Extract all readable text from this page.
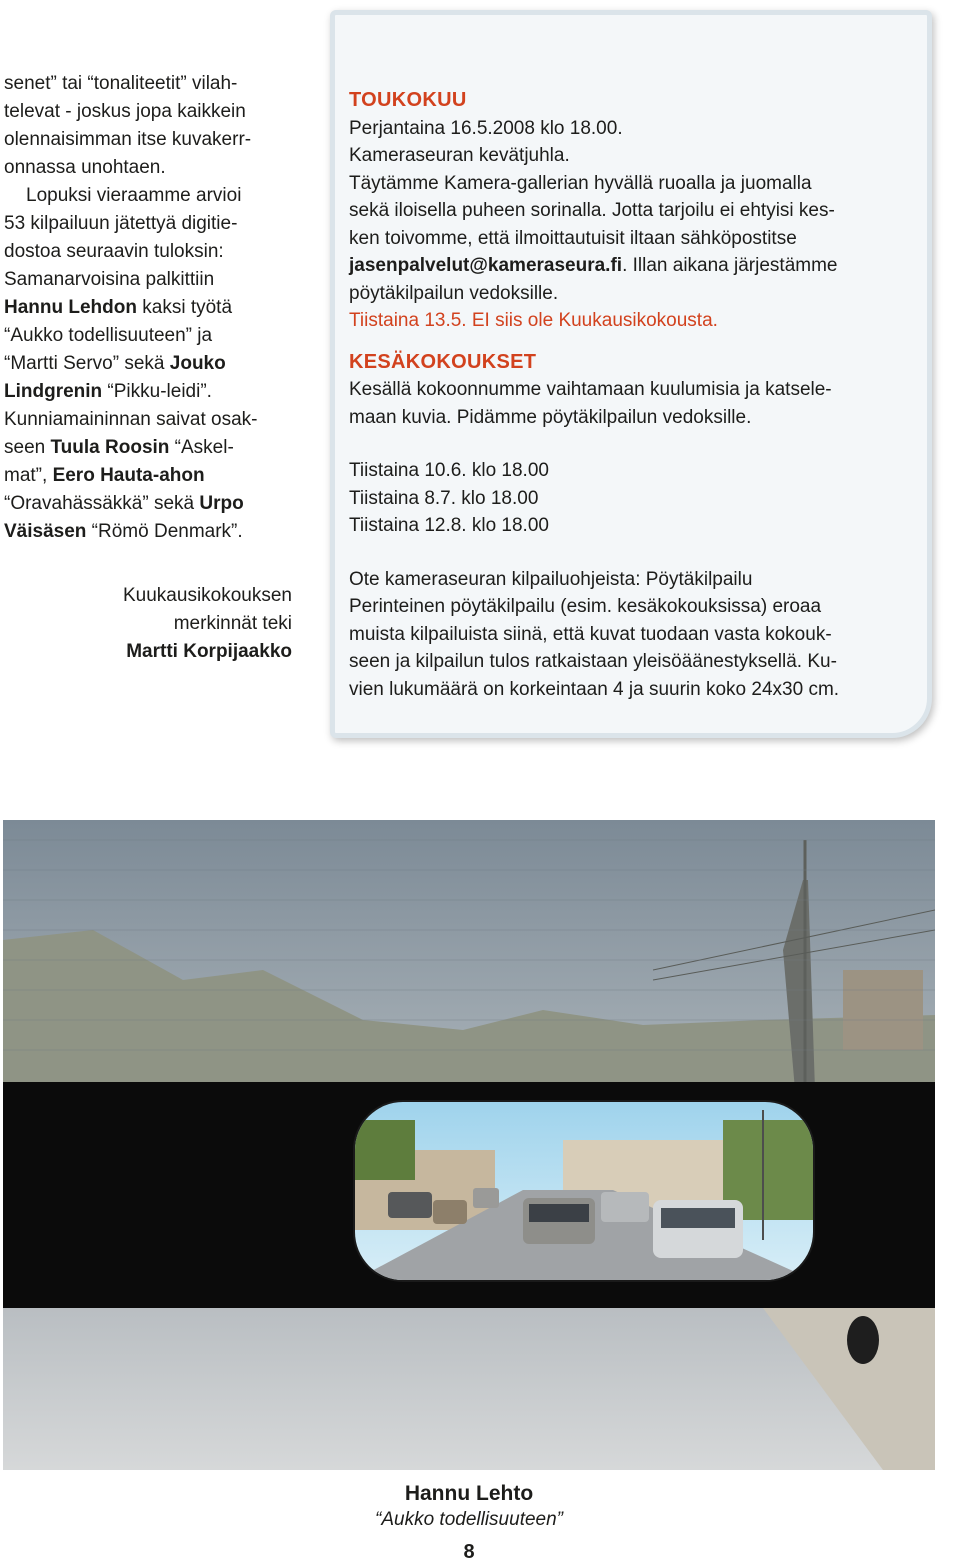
senet” tai “tonaliteetit” vilah-

televat - joskus jopa kaikkein

olennaisimman itse kuvakerr-

onnassa unohtaen.

Lopuksi vieraamme arvioi

53 kilpailuun jätettyä digitie-

dostoa seuraavin tuloksin:

Samanarvoisina palkittiin

Hannu Lehdon kaksi työtä

“Aukko todellisuuteen” ja

“Martti Servo” sekä Jouko

Lindgrenin “Pikku-leidi”.

Kunniamaininnan saivat osak-

seen Tuula Roosin “Askel-

mat”, Eero Hauta-ahon

“Oravahässäkkä” sekä Urpo

Väisäsen “Römö Denmark”.

Kuukausikokouksen
merkinnät teki
Martti Korpijaakko
TOUKOKUU
Perjantaina 16.5.2008 klo 18.00.
Kameraseuran kevätjuhla.
Täytämme Kamera-gallerian hyvällä ruoalla ja juomalla
sekä iloisella puheen sorinalla. Jotta tarjoilu ei ehtyisi kes-
ken toivomme, että ilmoittautuisit iltaan sähköpostitse
jasenpalvelut@kameraseura.fi. Illan aikana järjestämme
pöytäkilpailun vedoksille.
Tiistaina 13.5. EI siis ole Kuukausikokousta.
KESÄKOKOUKSET
Kesällä kokoonnumme vaihtamaan kuulumisia ja katsele-
maan kuvia. Pidämme pöytäkilpailun vedoksille.
Tiistaina 10.6. klo 18.00
Tiistaina 8.7. klo 18.00
Tiistaina 12.8. klo 18.00
Ote kameraseuran kilpailuohjeista: Pöytäkilpailu
Perinteinen pöytäkilpailu (esim. kesäkokouksissa) eroaa
muista kilpailuista siinä, että kuvat tuodaan vasta kokouk-
seen ja kilpailun tulos ratkaistaan yleisöäänestyksellä. Ku-
vien lukumäärä on korkeintaan 4 ja suurin koko 24x30 cm.
Hannu Lehto
“Aukko todellisuuteen”
8
